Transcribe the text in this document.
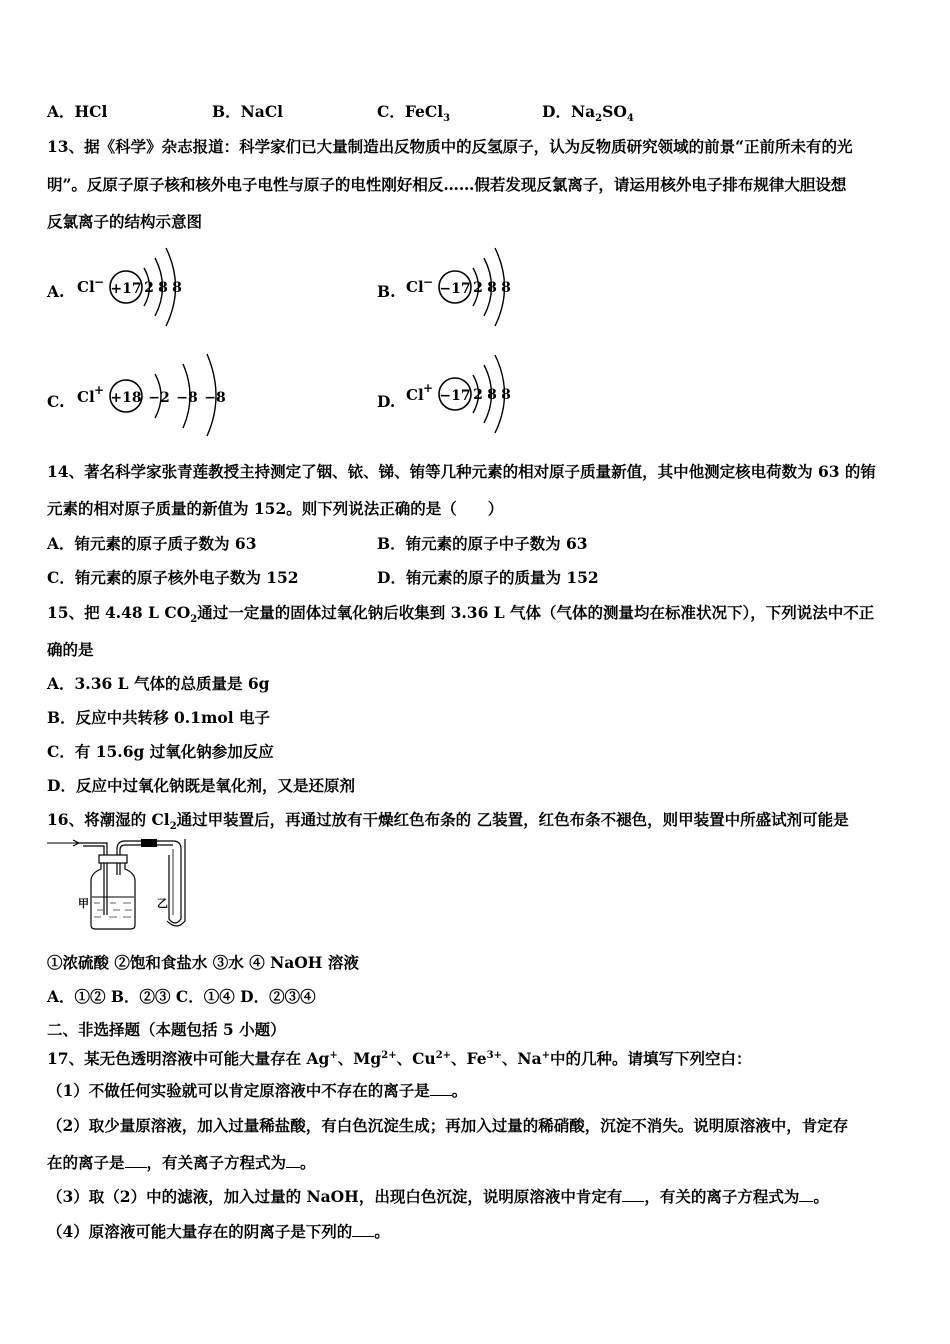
A．HCl	B．NaCl	C．FeCl$_3$	D．$Na_2SO_4$
13、据《科学》杂志报道：科学家们已大量制造出反物质中的反氢原子，认为反物质研究领域的前景“正前所未有的光
明”。反原子原子核和核外电子电性与原子的电性刚好相反……假若发现反氯离子，请运用核外电子排布规律大胆设想
反氯离子的结构示意图
A. Cl − +17 2 8 8	B. Cl − −17 2 8 8
C. Cl + +18 −2 −8 −8	D. Cl + −17 2 8 8
14、著名科学家张青莲教授主持测定了铟、铱、锑、铕等几种元素的相对原子质量新值，其中他测定核电荷数为 63 的铕
元素的相对原子质量的新值为 152。则下列说法正确的是（　　）
A．铕元素的原子质子数为 63	B．铕元素的原子中子数为 63
C．铕元素的原子核外电子数为 152	D．铕元素的原子的质量为 152
15、把 4.48 L $CO_2$通过一定量的固体过氧化钠后收集到 3.36 L 气体（气体的测量均在标准状况下），下列说法中不正
确的是
A．3.36 L 气体的总质量是 6g
B．反应中共转移 0.1mol 电子
C．有 15.6g 过氧化钠参加反应
D．反应中过氧化钠既是氧化剂，又是还原剂
16、将潮湿的 $Cl_2$通过甲装置后，再通过放有干燥红色布条的 乙装置，红色布条不褪色，则甲装置中所盛试剂可能是
甲	乙
①浓硫酸 ②饱和食盐水 ③水 ④ NaOH 溶液
A．①② B．②③ C．①④ D．②③④
二、非选择题（本题包括 5 小题）
17、某无色透明溶液中可能大量存在 Ag+、$Mg^{2+}$、$Cu^{2+}$、$Fe^{3+}$、Na+中的几种。请填写下列空白：
（1）不做任何实验就可以肯定原溶液中不存在的离子是 。
（2）取少量原溶液，加入过量稀盐酸，有白色沉淀生成；再加入过量的稀硝酸，沉淀不消失。说明原溶液中，肯定存
在的离子是 ，有关离子方程式为 。
（3）取（2）中的滤液，加入过量的 NaOH，出现白色沉淀，说明原溶液中肯定有 ，有关的离子方程式为 。
（4）原溶液可能大量存在的阴离子是下列的 。
